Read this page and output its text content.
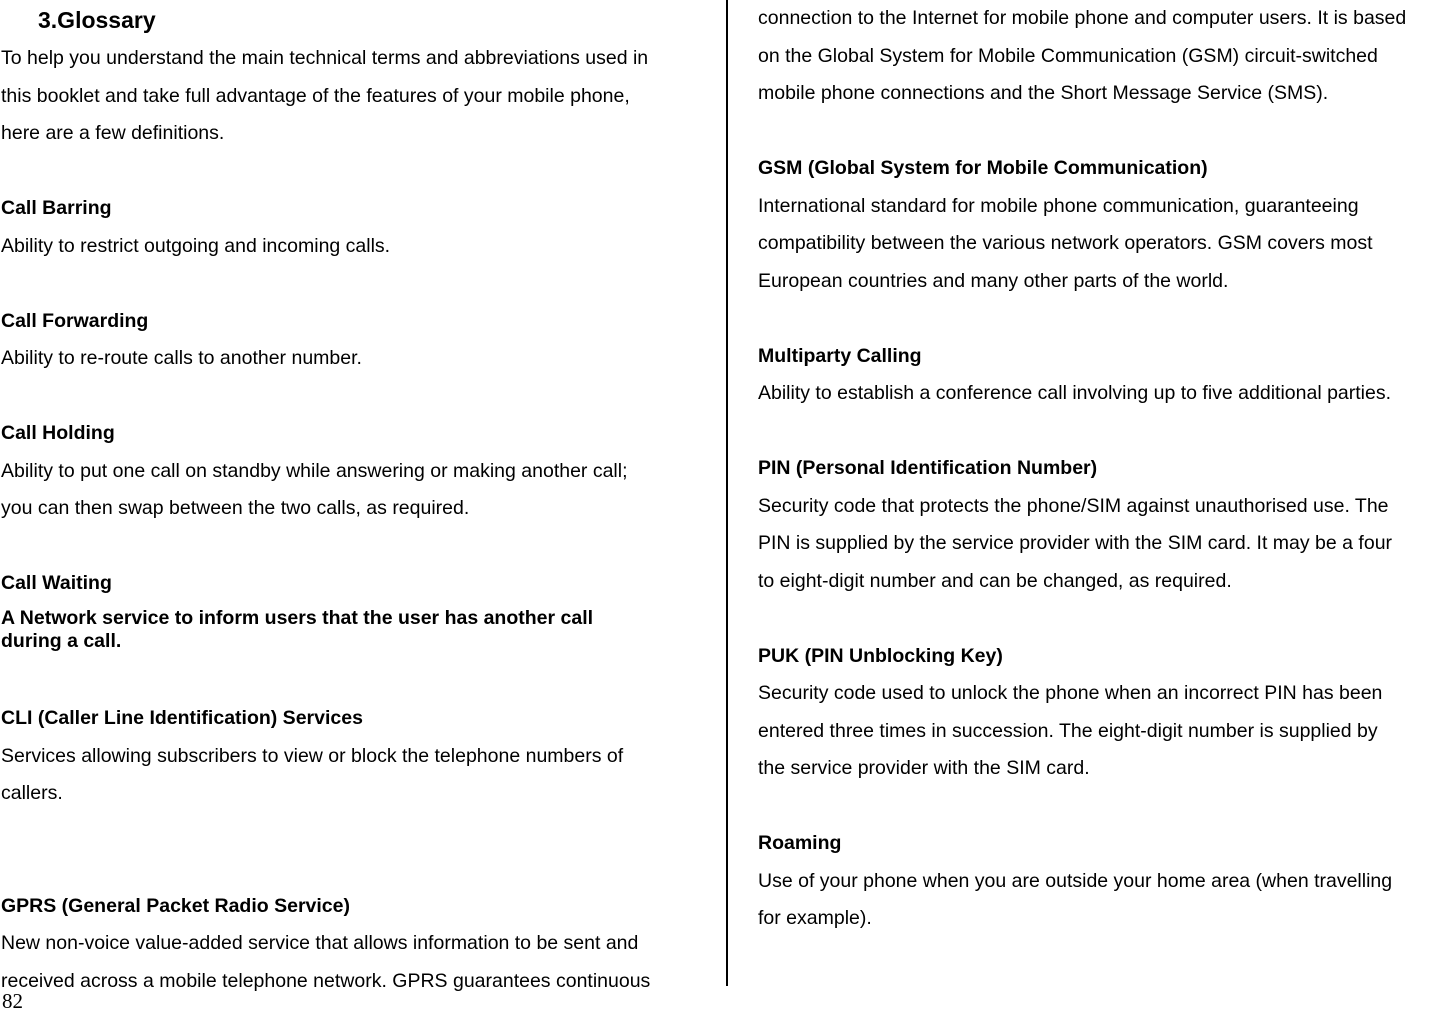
3.Glossary

To help you understand the main technical terms and abbreviations used in
this booklet and take full advantage of the features of your mobile phone,
here are a few definitions.

Call Barring

Ability to restrict outgoing and incoming calls.

Call Forwarding

Ability to re-route calls to another number.

Call Holding

Ability to put one call on standby while answering or making another call;
you can then swap between the two calls, as required.

Call Waiting

A Network service to inform users that the user has another call
during a call.

CLI (Caller Line Identification) Services

Services allowing subscribers to view or block the telephone numbers of
callers.

GPRS (General Packet Radio Service)

New non-voice value-added service that allows information to be sent and
received across a mobile telephone network. GPRS guarantees continuous

connection to the Internet for mobile phone and computer users. It is based
on the Global System for Mobile Communication (GSM) circuit-switched
mobile phone connections and the Short Message Service (SMS).

GSM (Global System for Mobile Communication)

International standard for mobile phone communication, guaranteeing
compatibility between the various network operators. GSM covers most
European countries and many other parts of the world.

Multiparty Calling

Ability to establish a conference call involving up to five additional parties.

PIN (Personal Identification Number)

Security code that protects the phone/SIM against unauthorised use. The
PIN is supplied by the service provider with the SIM card. It may be a four
to eight-digit number and can be changed, as required.

PUK (PIN Unblocking Key)

Security code used to unlock the phone when an incorrect PIN has been
entered three times in succession. The eight-digit number is supplied by
the service provider with the SIM card.

Roaming

Use of your phone when you are outside your home area (when travelling
for example).

82
